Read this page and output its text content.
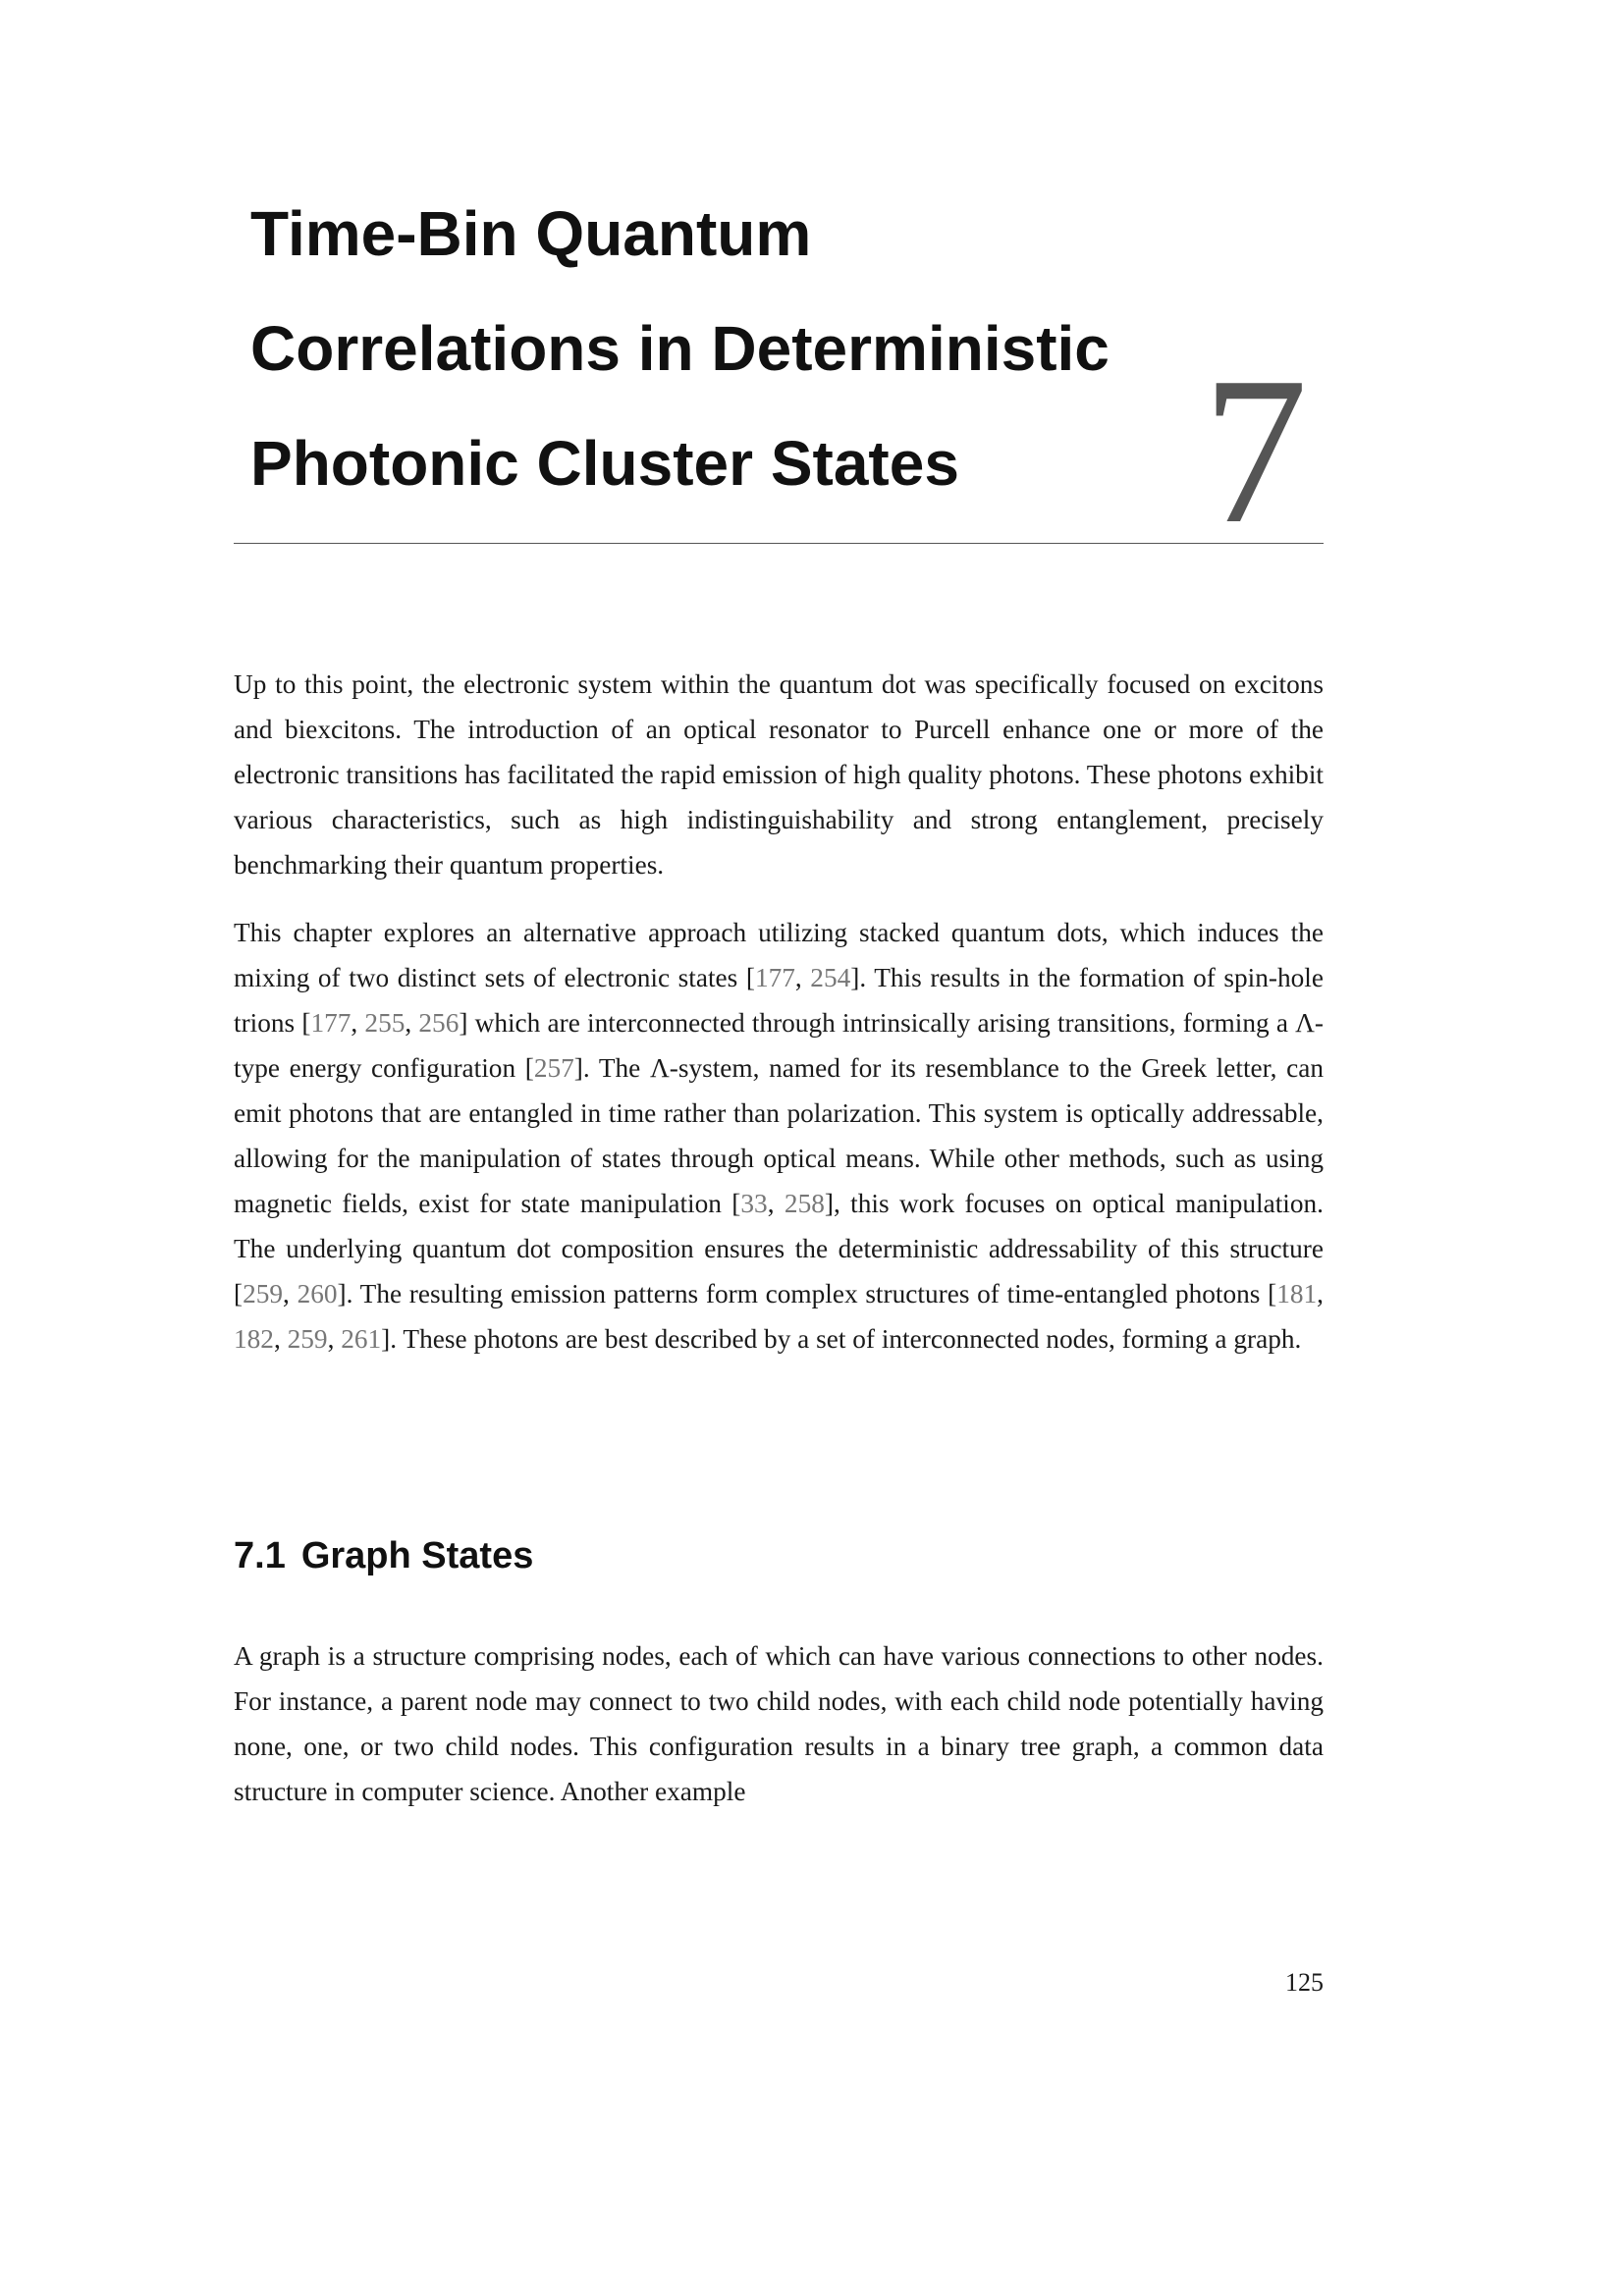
Time-Bin Quantum
Correlations in Deterministic
Photonic Cluster States	7

Up to this point, the electronic system within the quantum dot was specifically focused on excitons and biexcitons. The introduction of an optical resonator to Purcell enhance one or more of the electronic transitions has facilitated the rapid emission of high quality photons. These photons exhibit various characteristics, such as high indistinguishability and strong entanglement, precisely benchmarking their quantum properties.

This chapter explores an alternative approach utilizing stacked quantum dots, which induces the mixing of two distinct sets of electronic states [177, 254]. This results in the formation of spin-hole trions [177, 255, 256] which are interconnected through intrinsically arising transitions, forming a Λ-type energy configuration [257]. The Λ-system, named for its resemblance to the Greek letter, can emit photons that are entangled in time rather than polarization. This system is optically addressable, allowing for the manipulation of states through optical means. While other methods, such as using magnetic fields, exist for state manipulation [33, 258], this work focuses on optical manipulation. The underlying quantum dot composition ensures the deterministic addressability of this structure [259, 260]. The resulting emission patterns form complex structures of time-entangled photons [181, 182, 259, 261]. These photons are best described by a set of interconnected nodes, forming a graph.

7.1 Graph States

A graph is a structure comprising nodes, each of which can have various connections to other nodes. For instance, a parent node may connect to two child nodes, with each child node potentially having none, one, or two child nodes. This configuration results in a binary tree graph, a common data structure in computer science. Another example

125
